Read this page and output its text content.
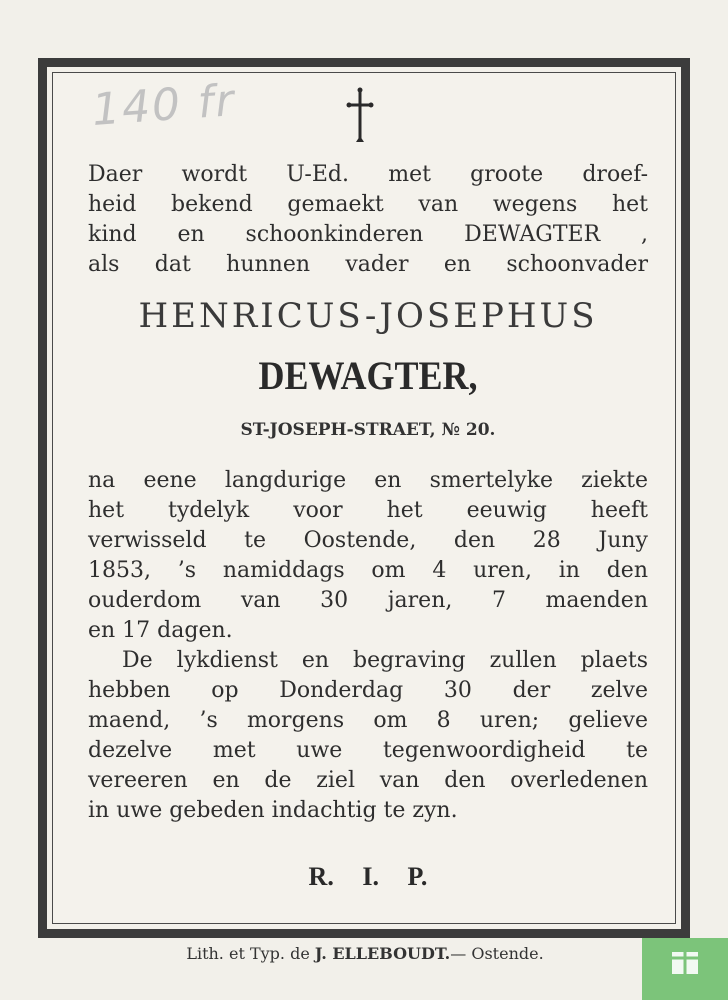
140 fr
Daer wordt U-Ed. met groote droef-
heid bekend gemaekt van wegens het
kind en schoonkinderen DEWAGTER ,
als dat hunnen vader en schoonvader
HENRICUS-JOSEPHUS
DEWAGTER,
ST-JOSEPH-STRAET, № 20.
na eene langdurige en smertelyke ziekte
het tydelyk voor het eeuwig heeft
verwisseld te Oostende, den 28 Juny
1853, ’s namiddags om 4 uren, in den
ouderdom van 30 jaren, 7 maenden
en 17 dagen.
De lykdienst en begraving zullen plaets
hebben op Donderdag 30 der zelve
maend, ’s morgens om 8 uren; gelieve
dezelve met uwe tegenwoordigheid te
vereeren en de ziel van den overledenen
in uwe gebeden indachtig te zyn.
R. I. P.
Lith. et Typ. de J. ELLEBOUDT.— Ostende.
